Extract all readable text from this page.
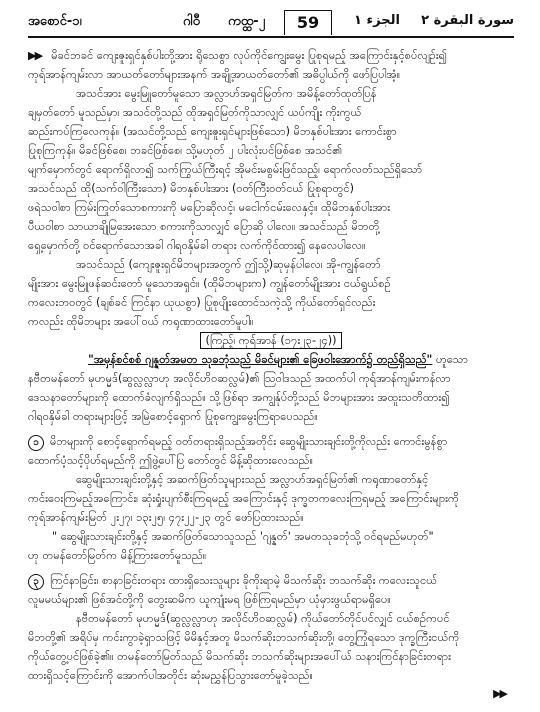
အစောင်-၁၊	ဂါ၀ီ ကထ္ထ-၂	59	الجزء ۱ سورة البقرة ۲

▶▶ မိခင်ဘခင် ကျေးဇူးရှင်နှစ်ပါးတို့အား ရိုသေစွာ လုပ်ကိုင်ကျွေးမွေး ပြုစုရမည့် အကြောင်းနှင့်စပ်လျဉ်း၍

ကုရ်အာန်ကျမ်းလာ အာယတ်တော်များအနက် အချို့အာယတ်တော်၏ အဓိပ္ပါယ်ကို ဖော်ပြပါအံ့။

အသင်အား မွေးမြူတော်မူသော အလ္လာဟ်အရှင်မြတ်က အမိန့်တော်ထုတ်ပြန်

ချမှတ်တော် မူသည်မှာ၊ အသင်တို့သည် ထိုအရှင်မြတ်ကိုသာလျှင် ယပ်ကျိုး ကိုးကွယ်

ဆည်းကပ်ကြလေကုန်။ (အသင်တို့သည် ကျေးဇူးရှင်များဖြစ်သော) မိဘနှစ်ပါးအား ကောင်းစွာ

ပြုစုကြကုန်။ မိခင်ဖြစ်စေ၊ ဘခင်ဖြစ်စေ၊ သို့မဟုတ် ၂ ပါးလုံးပင်ဖြစ်စေ အသင်၏

မျက်မှောက်တွင် ရောက်ရှိလာ၍ သက်ကြွယ်ကြီးရင့် အိုမင်းမစွမ်းဖြင်သည့်၊ ရောက်လတ်သည်ရှိသော်

အသင်သည် ထို(သက်ဝါကြီးသော) မိဘနှစ်ပါးအား (ဝတ်ကြီးဝတ်ငယ် ပြုစုရာတွင်)

ဖရဲသဝါစာ ကြမ်းကြုတ်သောစကားကို မပြောဆိုလင့်၊ မငေါက်ငမ်းလေနှင့်။ ထိုမိဘနှစ်ပါးအား

ပီယဝါစာ သာယာချိုမြအေးသော စကားကိုသာလျှင် ပြောဆို ပါလေ။ အသင်သည် မိဘတို့

ရှေ့မှောက်တို့ ဝင်ရောက်သောအခါ ဂါရဝနှိမ်ခါ တရား လက်ကိုင်ထား၍ နေလေပါလေ။

အသင်သည် (ကျေးဇူးရှင်မိဘများအတွက် ဤသို့)ဆုမှန်ပါလေ၊ အို-ကျွန်တော်

မျိုးအား မွေးမြူဖန်ဆင်းတော် မူသောအရှင်။ (ထိုမိဘများက) ကျွန်တော်မျိုးအား ငယ်ရွယ်စဉ်

ကလေးဘဝတွင် (ချစ်ခင် ကြင်နာ ယုယစွာ) ပြုစုပျိုးထောင်သကဲ့သို့ ကိုယ်တော်ရှင်လည်း

ကလည်း ထိုမိဘများ အပေါ်ဝယ် ကရုဏာထားတော်မူပါ။

(ကြည့်၊ ကုရ်အာန် (၁၇း၂၃-၂၄))

"အမှန်စင်စစ် ဂျန္နတ်အမတ သုခဘုံသည် မိခင်များ၏ ခြေဖဝါးအောက်၌ တည်ရှိသည်" ဟူသော

နဗီတမန်တော် မုဟမ္မဒ်(ဆွလ္လလ္လာဟု အလိုင်ဟိဝဆလ္လမ်)၏ ဩဝါဒသည် အထက်ပါ ကုရ်အာန်ကျမ်းကန်လာ

ဒေသနာတော်များကို ထောက်ခံလျက်ရှိသည်။ သို့ဖြစ်ရာ အကျွန်ုပ်တို့သည် မိဘများအား အထူးသတိထား၍

ဂါရဝနှိမ်ခါ တရားများဖြင့် အမြဲစောင့်ရှောက် ပြုစုကျွေးမွေးကြရာပေသည်။

၁ မိဘများကို စောင့်ရှောက်ရမည့် ဝတ်တရားရှိသည့်အတိုင်း ဆွေမျိုးသားချင်းတို့ကိုလည်း ကောင်းမွန်စွာ

ထောက်ပံ့သင့်ပိုဟ်ရမည်ကို ဤဖွဲ့ပေါ်ပြ တော်တွင် မိန့်ဆိုထားလေသည်။

ဆွေမျိုးသားချင်းတို့နှင့် အဆက်ဖြတ်သူများသည် အလ္လာဟ်အရှင်မြတ်၏ ကရုဏာတော်နှင့်

ကင်းဝေးကြမည့်အကြောင်း၊ ဆုံးရှုံးပျက်စီးကြရမည့် အကြောင်းနှင့် ဒုက္ခတကလေးကြရမည့် အကြောင်းများကို

ကုရ်အာန်ကျမ်းမြတ် ၂း၂၇၊ ၁၃း၂၅၊ ၄၇း၂၂-၂၃ တွင် ဖော်ပြထားသည်။

" ဆွေမျိုးသားချင်းတို့နှင့် အဆက်ဖြတ်သောသူသည် 'ဂျန္နတ်' အမတသုခဘုံသို့ ဝင်ရမည်မဟုတ်"

ဟု တမန်တော်မြတ်က မိန့်ကြားတော်မူသည်။

၃ ကြင်နာခြင်း၊ စာနာခြင်းတရား ထားရှိသေးသူများ ခိုကိုးရာမဲ့ မိသက်ဆိုး ဘသက်ဆိုး ကလေးသူငယ်

လူမမယ်များ၏ ဖြစ်အင်တို့ကို တွေးဆမိက ယူကျုံးမရ ဖြစ်ကြရမည်မှာ ယုံမှားဖွယ်ရာမရှိပေ။

နဗီတမန်တော် မုဟမ္မဒ်(ဆွလ္လလ္လာဟု အလိုင်ဟိဝဆလ္လမ်) ကိုယ်တော်တိုင်ပင်လျှင် ငယ်စဉ်ကပင်

မိဘတို့၏ အရိပ်မှ ကင်းကွာခဲ့ရှာသဖြင့် မိမိနှင့်အတူ မိသက်ဆိုးဘသက်ဆိုးတို့၊ တွေ့ကြုံရသော ဒုက္ခကြီးငယ်ကို

ကိုယ်တွေ့ပင်ဖြစ်ခဲ့၏။ တမန်တော်မြတ်သည် မိသက်ဆိုး ဘသက်ဆိုးများအပေါ်ယ် သနားကြင်နာခြင်းတရား

ထားရှိသင့်ကြောင်းကို အောက်ပါအတိုင်း ဆုံးမညွှန်ပြသွားတော်မူခဲ့သည်။

▶▶
